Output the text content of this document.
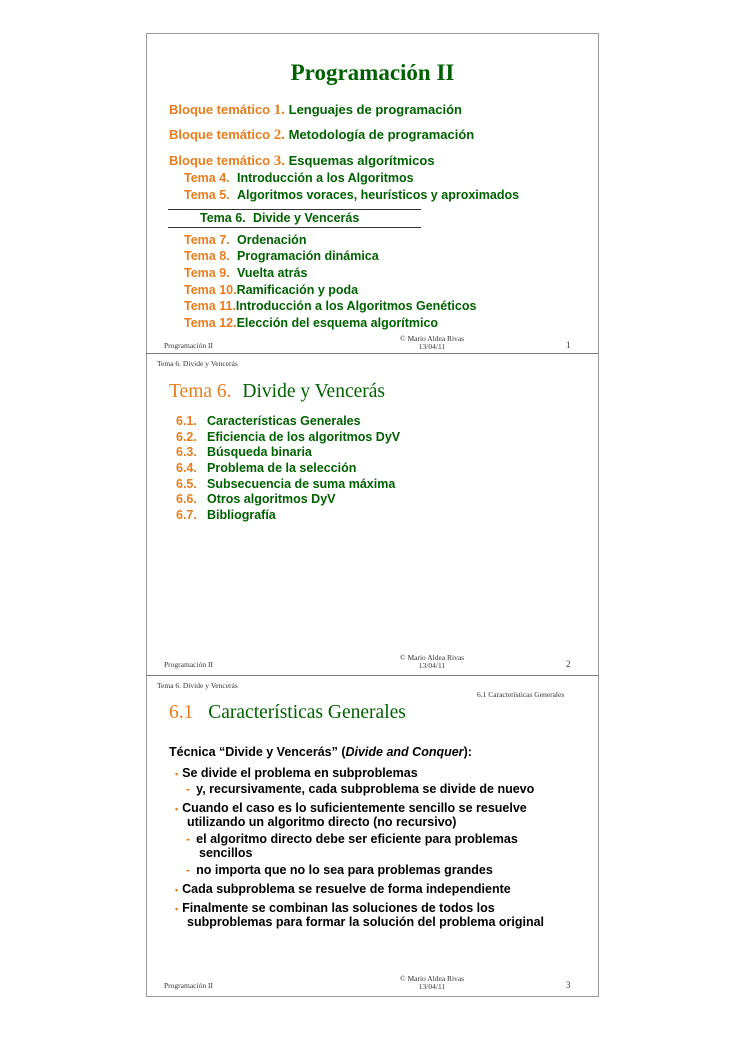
Programación II
Bloque temático 1. Lenguajes de programación
Bloque temático 2. Metodología de programación
Bloque temático 3. Esquemas algorítmicos
Tema 4. Introducción a los Algoritmos
Tema 5. Algoritmos voraces, heurísticos y aproximados
Tema 6. Divide y Vencerás
Tema 7. Ordenación
Tema 8. Programación dinámica
Tema 9. Vuelta atrás
Tema 10.Ramificación y poda
Tema 11.Introducción a los Algoritmos Genéticos
Tema 12.Elección del esquema algorítmico
Programación II
© Mario Aldea Rivas
13/04/11	1
Tema 6. Divide y Vencerás
Tema 6. Divide y Vencerás
6.1. Características Generales
6.2. Eficiencia de los algoritmos DyV
6.3. Búsqueda binaria
6.4. Problema de la selección
6.5. Subsecuencia de suma máxima
6.6. Otros algoritmos DyV
6.7. Bibliografía
Programación II
© Mario Aldea Rivas
13/04/11	2
Tema 6. Divide y Vencerás
6.1 Características Generales
6.1 Características Generales
Técnica “Divide y Vencerás” (Divide and Conquer):
• Se divide el problema en subproblemas
- y, recursivamente, cada subproblema se divide de nuevo
• Cuando el caso es lo suficientemente sencillo se resuelve
utilizando un algoritmo directo (no recursivo)
- el algoritmo directo debe ser eficiente para problemas
sencillos
- no importa que no lo sea para problemas grandes
• Cada subproblema se resuelve de forma independiente
• Finalmente se combinan las soluciones de todos los
subproblemas para formar la solución del problema original
Programación II
© Mario Aldea Rivas
13/04/11	3
